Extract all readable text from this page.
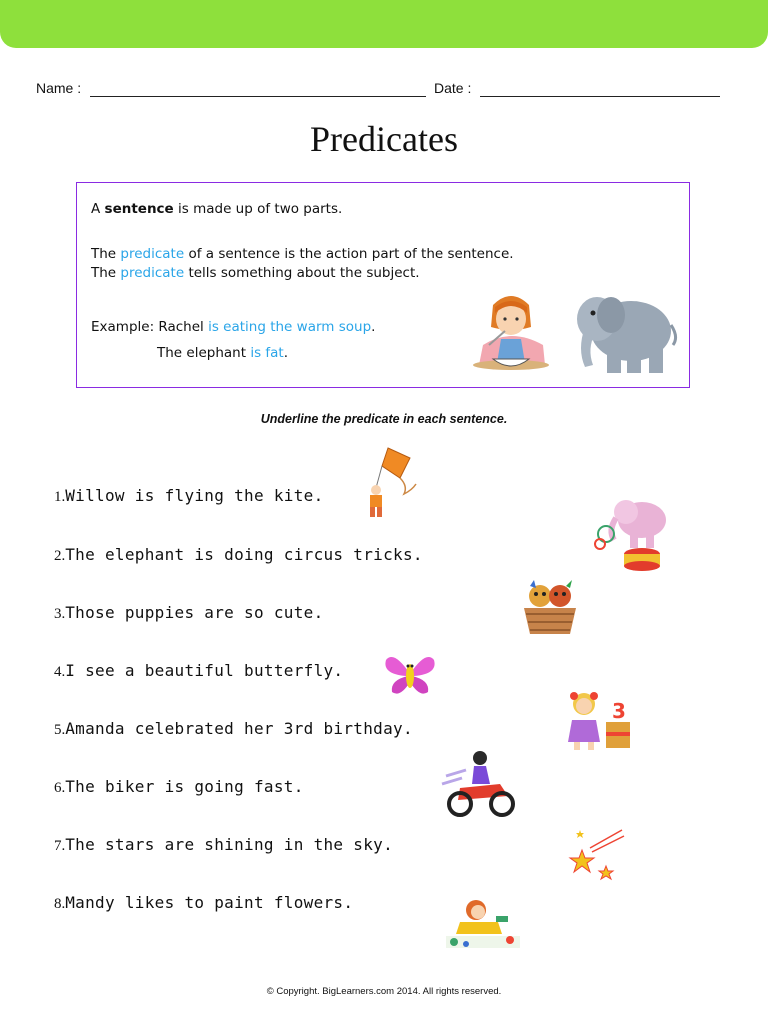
Name :	Date :
Predicates
A sentence is made up of two parts.
The predicate of a sentence is the action part of the sentence.
The predicate tells something about the subject.
Example: Rachel is eating the warm soup.
The elephant is fat.
Underline the predicate in each sentence.
1.Willow is flying the kite.
2.The elephant is doing circus tricks.
3.Those puppies are so cute.
4.I see a beautiful butterfly.
5.Amanda celebrated her 3rd birthday.
6.The biker is going fast.
7.The stars are shining in the sky.
8.Mandy likes to paint flowers.
3
© Copyright. BigLearners.com 2014. All rights reserved.
